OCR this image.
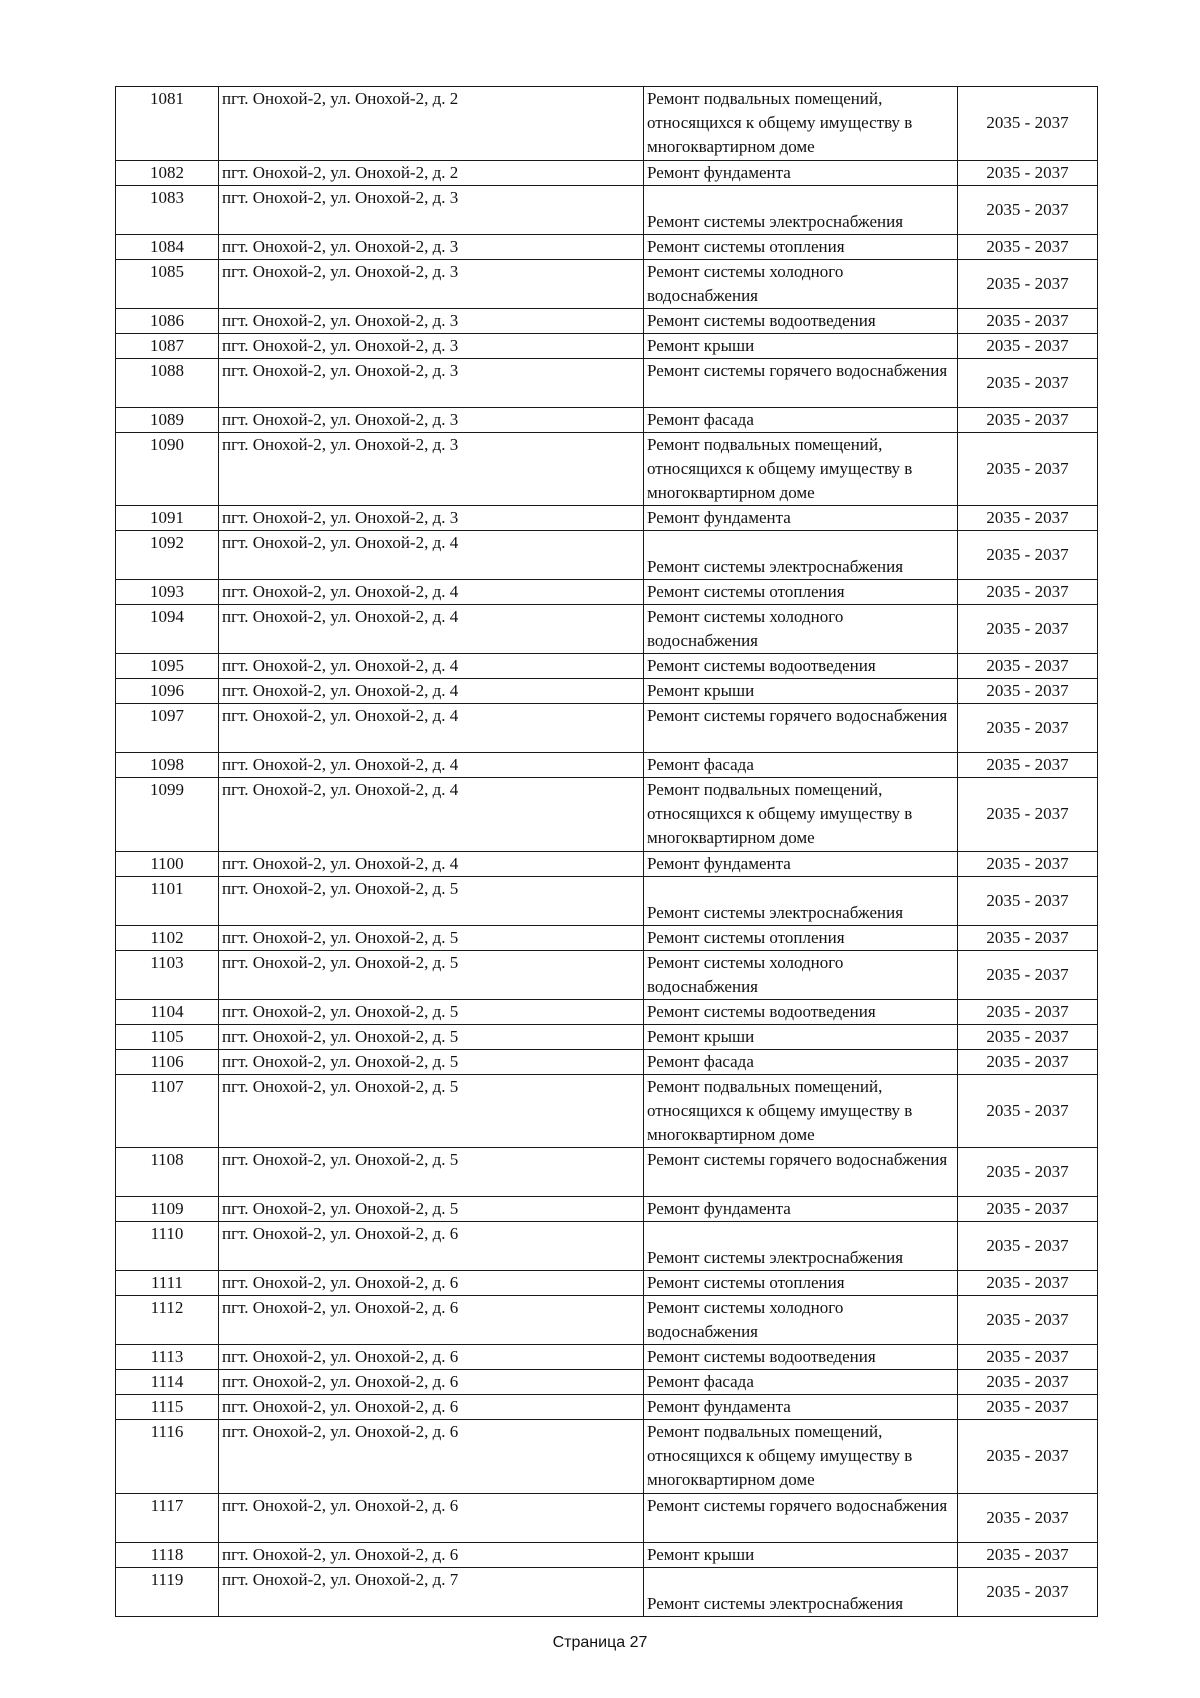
1081	пгт. Онохой-2, ул. Онохой-2, д. 2	Ремонт подвальных помещений, относящихся к общему имуществу в многоквартирном доме	2035 - 2037
1082	пгт. Онохой-2, ул. Онохой-2, д. 2	Ремонт фундамента	2035 - 2037
1083	пгт. Онохой-2, ул. Онохой-2, д. 3	Ремонт системы электроснабжения	2035 - 2037
1084	пгт. Онохой-2, ул. Онохой-2, д. 3	Ремонт системы отопления	2035 - 2037
1085	пгт. Онохой-2, ул. Онохой-2, д. 3	Ремонт системы холодного водоснабжения	2035 - 2037
1086	пгт. Онохой-2, ул. Онохой-2, д. 3	Ремонт системы водоотведения	2035 - 2037
1087	пгт. Онохой-2, ул. Онохой-2, д. 3	Ремонт крыши	2035 - 2037
1088	пгт. Онохой-2, ул. Онохой-2, д. 3	Ремонт системы горячего водоснабжения	2035 - 2037
1089	пгт. Онохой-2, ул. Онохой-2, д. 3	Ремонт фасада	2035 - 2037
1090	пгт. Онохой-2, ул. Онохой-2, д. 3	Ремонт подвальных помещений, относящихся к общему имуществу в многоквартирном доме	2035 - 2037
1091	пгт. Онохой-2, ул. Онохой-2, д. 3	Ремонт фундамента	2035 - 2037
1092	пгт. Онохой-2, ул. Онохой-2, д. 4	Ремонт системы электроснабжения	2035 - 2037
1093	пгт. Онохой-2, ул. Онохой-2, д. 4	Ремонт системы отопления	2035 - 2037
1094	пгт. Онохой-2, ул. Онохой-2, д. 4	Ремонт системы холодного водоснабжения	2035 - 2037
1095	пгт. Онохой-2, ул. Онохой-2, д. 4	Ремонт системы водоотведения	2035 - 2037
1096	пгт. Онохой-2, ул. Онохой-2, д. 4	Ремонт крыши	2035 - 2037
1097	пгт. Онохой-2, ул. Онохой-2, д. 4	Ремонт системы горячего водоснабжения	2035 - 2037
1098	пгт. Онохой-2, ул. Онохой-2, д. 4	Ремонт фасада	2035 - 2037
1099	пгт. Онохой-2, ул. Онохой-2, д. 4	Ремонт подвальных помещений, относящихся к общему имуществу в многоквартирном доме	2035 - 2037
1100	пгт. Онохой-2, ул. Онохой-2, д. 4	Ремонт фундамента	2035 - 2037
1101	пгт. Онохой-2, ул. Онохой-2, д. 5	Ремонт системы электроснабжения	2035 - 2037
1102	пгт. Онохой-2, ул. Онохой-2, д. 5	Ремонт системы отопления	2035 - 2037
1103	пгт. Онохой-2, ул. Онохой-2, д. 5	Ремонт системы холодного водоснабжения	2035 - 2037
1104	пгт. Онохой-2, ул. Онохой-2, д. 5	Ремонт системы водоотведения	2035 - 2037
1105	пгт. Онохой-2, ул. Онохой-2, д. 5	Ремонт крыши	2035 - 2037
1106	пгт. Онохой-2, ул. Онохой-2, д. 5	Ремонт фасада	2035 - 2037
1107	пгт. Онохой-2, ул. Онохой-2, д. 5	Ремонт подвальных помещений, относящихся к общему имуществу в многоквартирном доме	2035 - 2037
1108	пгт. Онохой-2, ул. Онохой-2, д. 5	Ремонт системы горячего водоснабжения	2035 - 2037
1109	пгт. Онохой-2, ул. Онохой-2, д. 5	Ремонт фундамента	2035 - 2037
1110	пгт. Онохой-2, ул. Онохой-2, д. 6	Ремонт системы электроснабжения	2035 - 2037
1111	пгт. Онохой-2, ул. Онохой-2, д. 6	Ремонт системы отопления	2035 - 2037
1112	пгт. Онохой-2, ул. Онохой-2, д. 6	Ремонт системы холодного водоснабжения	2035 - 2037
1113	пгт. Онохой-2, ул. Онохой-2, д. 6	Ремонт системы водоотведения	2035 - 2037
1114	пгт. Онохой-2, ул. Онохой-2, д. 6	Ремонт фасада	2035 - 2037
1115	пгт. Онохой-2, ул. Онохой-2, д. 6	Ремонт фундамента	2035 - 2037
1116	пгт. Онохой-2, ул. Онохой-2, д. 6	Ремонт подвальных помещений, относящихся к общему имуществу в многоквартирном доме	2035 - 2037
1117	пгт. Онохой-2, ул. Онохой-2, д. 6	Ремонт системы горячего водоснабжения	2035 - 2037
1118	пгт. Онохой-2, ул. Онохой-2, д. 6	Ремонт крыши	2035 - 2037
1119	пгт. Онохой-2, ул. Онохой-2, д. 7	Ремонт системы электроснабжения	2035 - 2037
Страница 27
